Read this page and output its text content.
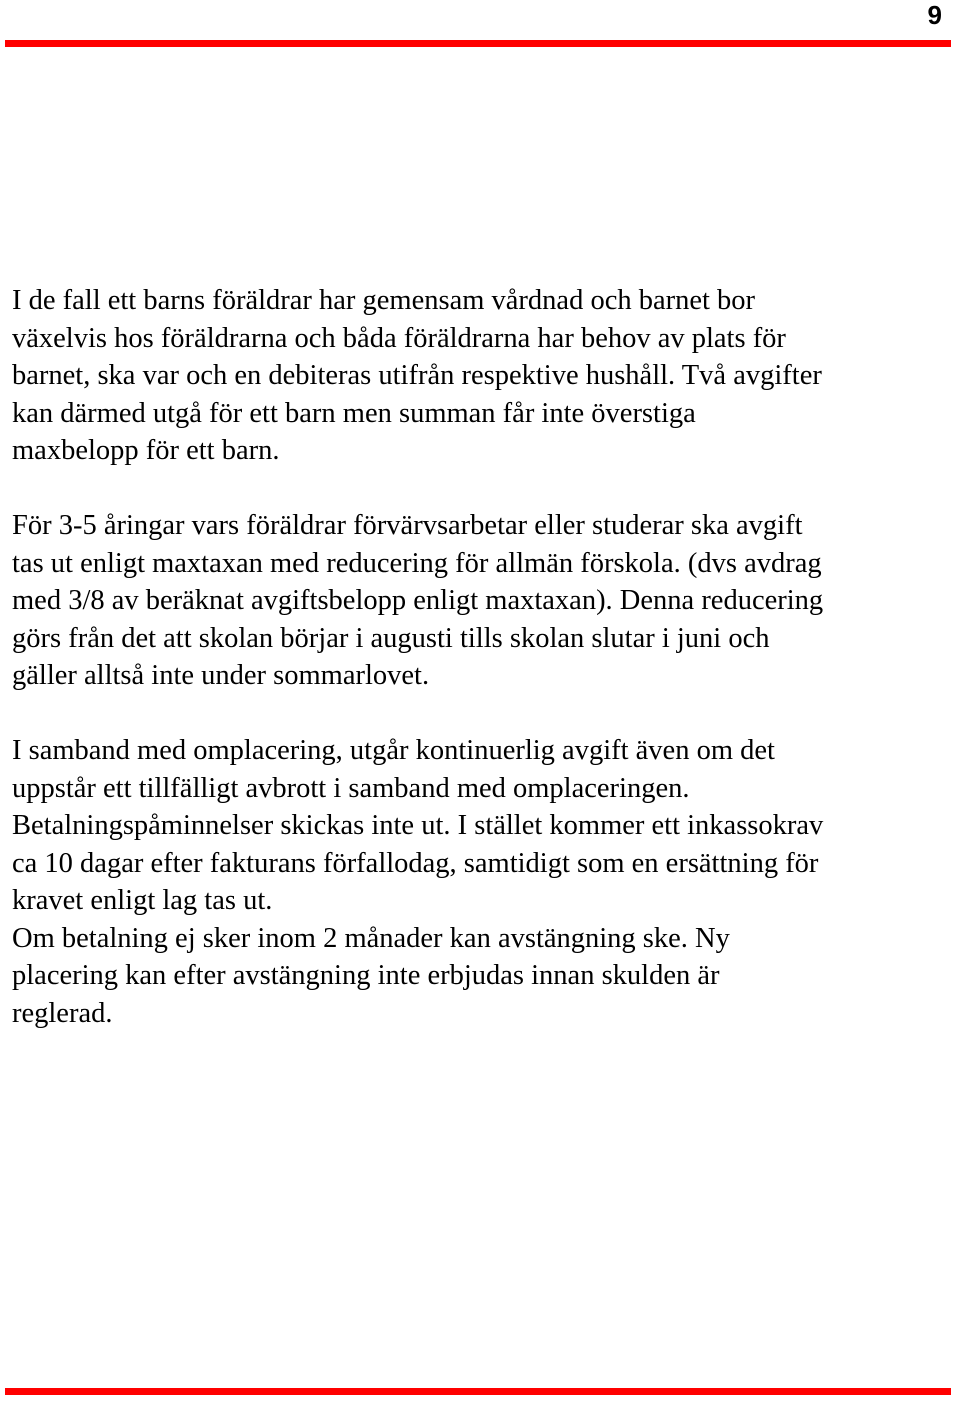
9

I de fall ett barns föräldrar har gemensam vårdnad och barnet bor
växelvis hos föräldrarna och båda föräldrarna har behov av plats för
barnet, ska var och en debiteras utifrån respektive hushåll. Två avgifter
kan därmed utgå för ett barn men summan får inte överstiga
maxbelopp för ett barn.

För 3-5 åringar vars föräldrar förvärvsarbetar eller studerar ska avgift
tas ut enligt maxtaxan med reducering för allmän förskola. (dvs avdrag
med 3/8 av beräknat avgiftsbelopp enligt maxtaxan). Denna reducering
görs från det att skolan börjar i augusti tills skolan slutar i juni och
gäller alltså inte under sommarlovet.

I samband med omplacering, utgår kontinuerlig avgift även om det
uppstår ett tillfälligt avbrott i samband med omplaceringen.
Betalningspåminnelser skickas inte ut. I stället kommer ett inkassokrav
ca 10 dagar efter fakturans förfallodag, samtidigt som en ersättning för
kravet enligt lag tas ut.
Om betalning ej sker inom 2 månader kan avstängning ske. Ny
placering kan efter avstängning inte erbjudas innan skulden är
reglerad.
